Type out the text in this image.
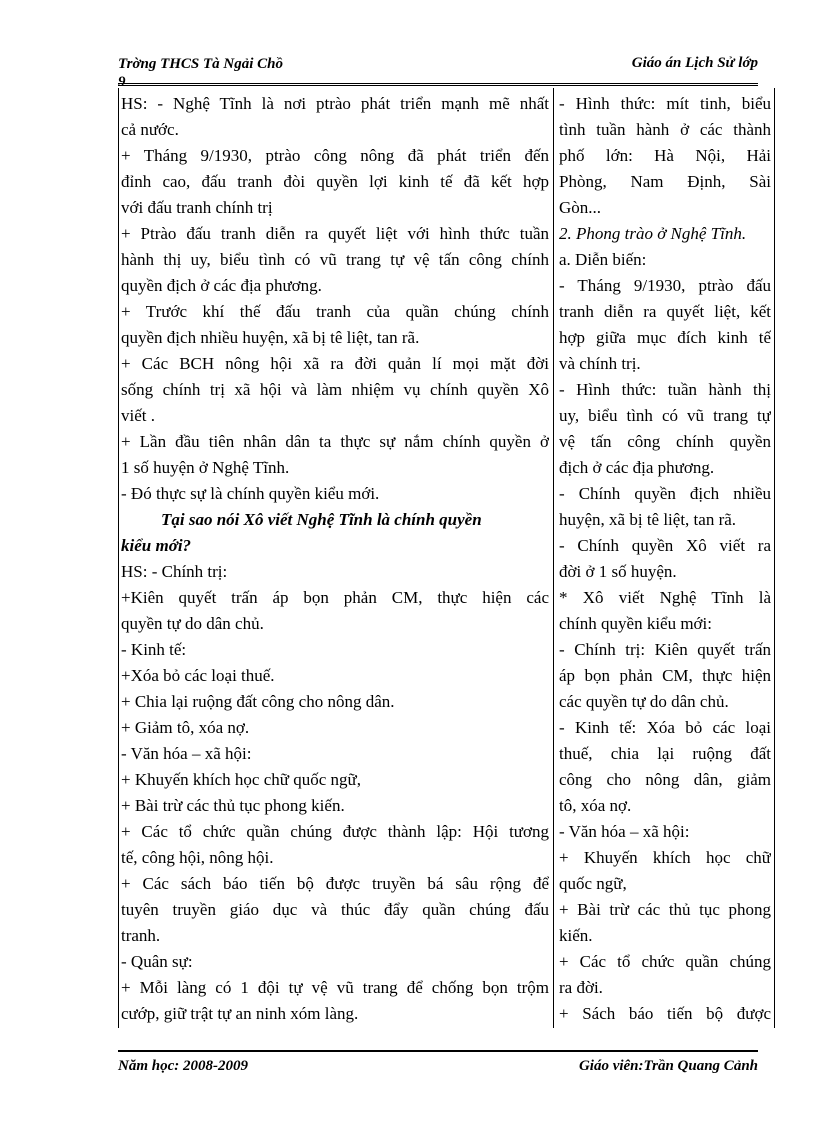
Trờng THCS Tà Ngải Chồ
9
Giáo án Lịch Sử lớp
HS: - Nghệ Tĩnh là nơi ptrào phát triển mạnh mẽ nhất
cả nước.
+ Tháng 9/1930, ptrào công nông đã phát triển đến
đỉnh cao, đấu tranh đòi quyền lợi kinh tế đã kết hợp
với đấu tranh chính trị
+ Ptrào đấu tranh diễn ra quyết liệt với hình thức tuần
hành thị uy, biểu tình có vũ trang tự vệ tấn công chính
quyền địch ở các địa phương.
+ Trước khí thế đấu tranh của quần chúng chính
quyền địch nhiều huyện, xã bị tê liệt, tan rã.
+ Các BCH nông hội xã ra đời quản lí mọi mặt đời
sống chính trị xã hội và làm nhiệm vụ chính quyền Xô
viết .
+ Lần đầu tiên nhân dân ta thực sự nắm chính quyền ở
1 số huyện ở Nghệ Tĩnh.
- Đó thực sự là chính quyền kiểu mới.
Tại sao nói Xô viết Nghệ Tĩnh là chính quyền
kiểu mới?
HS: - Chính trị:
+Kiên quyết trấn áp bọn phản CM, thực hiện các
quyền tự do dân chủ.
- Kinh tế:
+Xóa bỏ các loại thuế.
+ Chia lại ruộng đất công cho nông dân.
+ Giảm tô, xóa nợ.
- Văn hóa – xã hội:
+ Khuyến khích học chữ quốc ngữ,
+ Bài trừ các thủ tục phong kiến.
+ Các tổ chức quần chúng được thành lập: Hội tương
tế, công hội, nông hội.
+ Các sách báo tiến bộ được truyền bá sâu rộng để
tuyên truyền giáo dục và thúc đẩy quần chúng đấu
tranh.
- Quân sự:
+ Mỗi làng có 1 đội tự vệ vũ trang để chống bọn trộm
cướp, giữ trật tự an ninh xóm làng.
- Hình thức: mít tinh, biểu
tình tuần hành ở các thành
phố lớn: Hà Nội, Hải
Phòng, Nam Định, Sài
Gòn...
2. Phong trào ở Nghệ Tĩnh.
a. Diễn biến:
- Tháng 9/1930, ptrào đấu
tranh diễn ra quyết liệt, kết
hợp giữa mục đích kinh tế
và chính trị.
- Hình thức: tuần hành thị
uy, biểu tình có vũ trang tự
vệ tấn công chính quyền
địch ở các địa phương.
- Chính quyền địch nhiều
huyện, xã bị tê liệt, tan rã.
- Chính quyền Xô viết ra
đời ở 1 số huyện.
* Xô viết Nghệ Tĩnh là
chính quyền kiểu mới:
- Chính trị: Kiên quyết trấn
áp bọn phản CM, thực hiện
các quyền tự do dân chủ.
- Kinh tế: Xóa bỏ các loại
thuế, chia lại ruộng đất
công cho nông dân, giảm
tô, xóa nợ.
- Văn hóa – xã hội:
+ Khuyến khích học chữ
quốc ngữ,
+ Bài trừ các thủ tục phong
kiến.
+ Các tổ chức quần chúng
ra đời.
+ Sách báo tiến bộ được
Năm học: 2008-2009	Giáo viên:Trần Quang Cảnh
